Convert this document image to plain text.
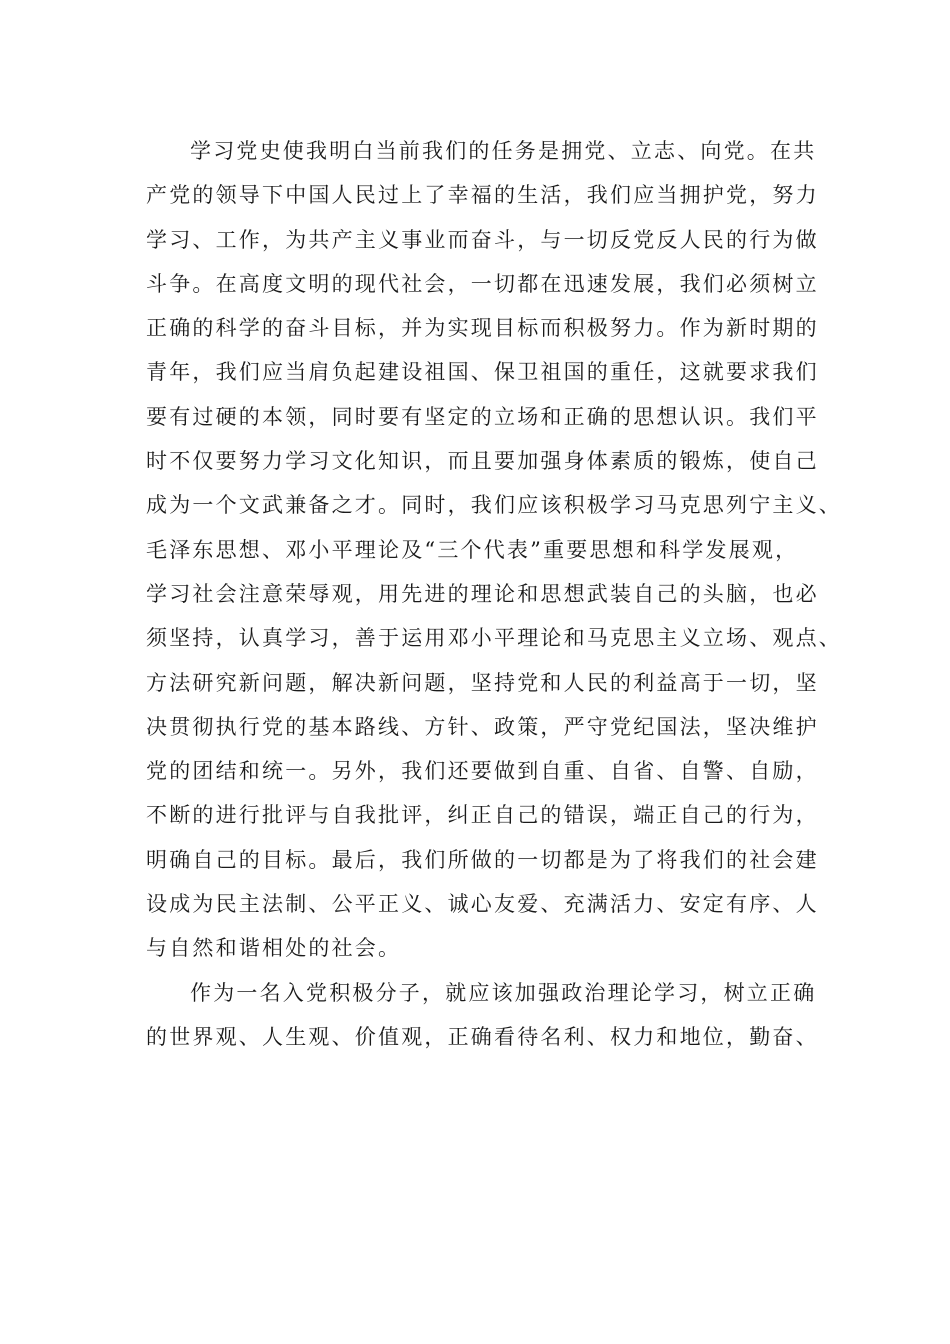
学习党史使我明白当前我们的任务是拥党、立志、向党。在共
产党的领导下中国人民过上了幸福的生活，我们应当拥护党，努力
学习、工作，为共产主义事业而奋斗，与一切反党反人民的行为做
斗争。在高度文明的现代社会，一切都在迅速发展，我们必须树立
正确的科学的奋斗目标，并为实现目标而积极努力。作为新时期的
青年，我们应当肩负起建设祖国、保卫祖国的重任，这就要求我们
要有过硬的本领，同时要有坚定的立场和正确的思想认识。我们平
时不仅要努力学习文化知识，而且要加强身体素质的锻炼，使自己
成为一个文武兼备之才。同时，我们应该积极学习马克思列宁主义、
毛泽东思想、邓小平理论及“三个代表”重要思想和科学发展观，
学习社会注意荣辱观，用先进的理论和思想武装自己的头脑，也必
须坚持，认真学习，善于运用邓小平理论和马克思主义立场、观点、
方法研究新问题，解决新问题，坚持党和人民的利益高于一切，坚
决贯彻执行党的基本路线、方针、政策，严守党纪国法，坚决维护
党的团结和统一。另外，我们还要做到自重、自省、自警、自励，
不断的进行批评与自我批评，纠正自己的错误，端正自己的行为，
明确自己的目标。最后，我们所做的一切都是为了将我们的社会建
设成为民主法制、公平正义、诚心友爱、充满活力、安定有序、人
与自然和谐相处的社会。
作为一名入党积极分子，就应该加强政治理论学习，树立正确
的世界观、人生观、价值观，正确看待名利、权力和地位，勤奋、
